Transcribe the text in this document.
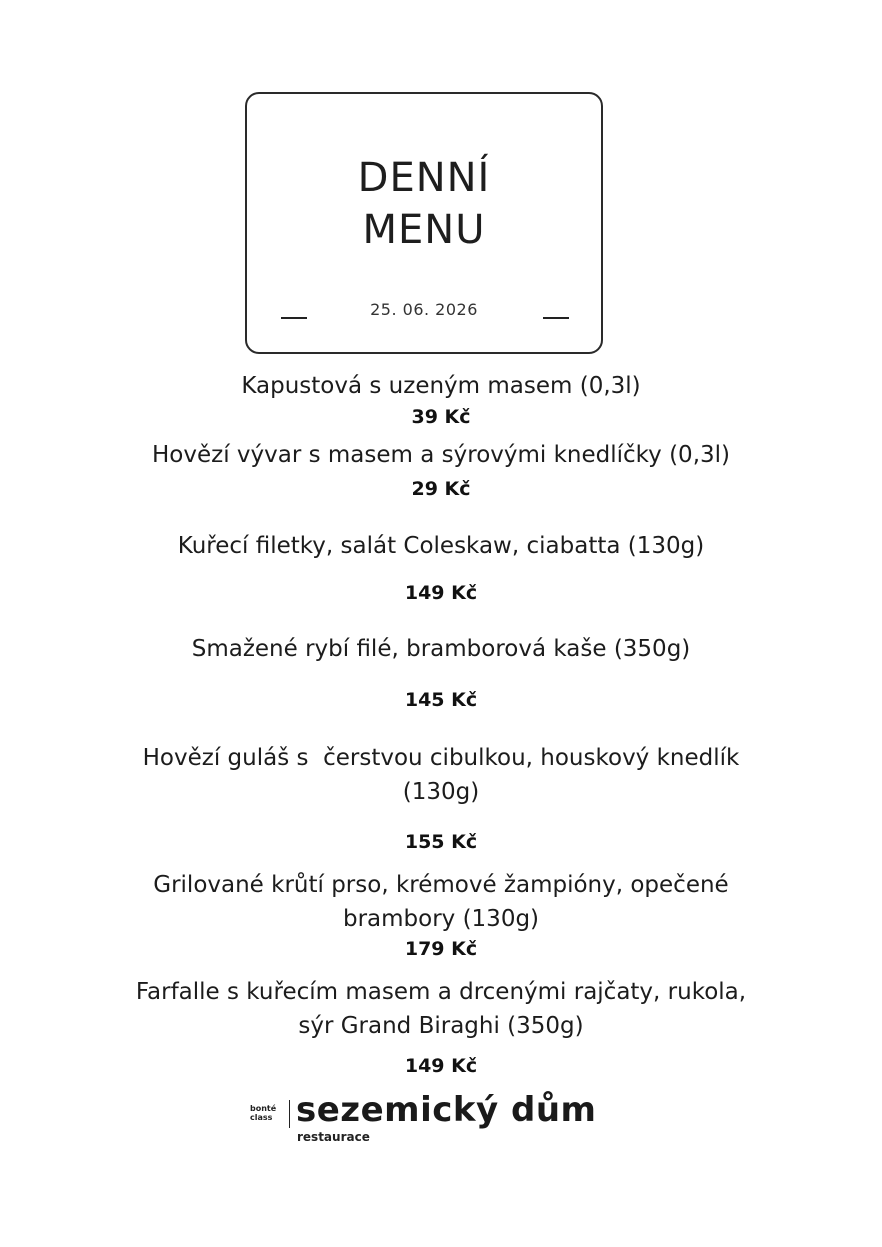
DENNÍ
MENU
25. 06. 2026
Kapustová s uzeným masem (0,3l)
39 Kč
Hovězí vývar s masem a sýrovými knedlíčky (0,3l)
29 Kč
Kuřecí filetky, salát Coleskaw, ciabatta (130g)
149 Kč
Smažené rybí filé, bramborová kaše (350g)
145 Kč
Hovězí guláš s  čerstvou cibulkou, houskový knedlík
(130g)
155 Kč
Grilované krůtí prso, krémové žampióny, opečené
brambory (130g)
179 Kč
Farfalle s kuřecím masem a drcenými rajčaty, rukola,
sýr Grand Biraghi (350g)
149 Kč
bonté
class sezemický dům
restaurace
